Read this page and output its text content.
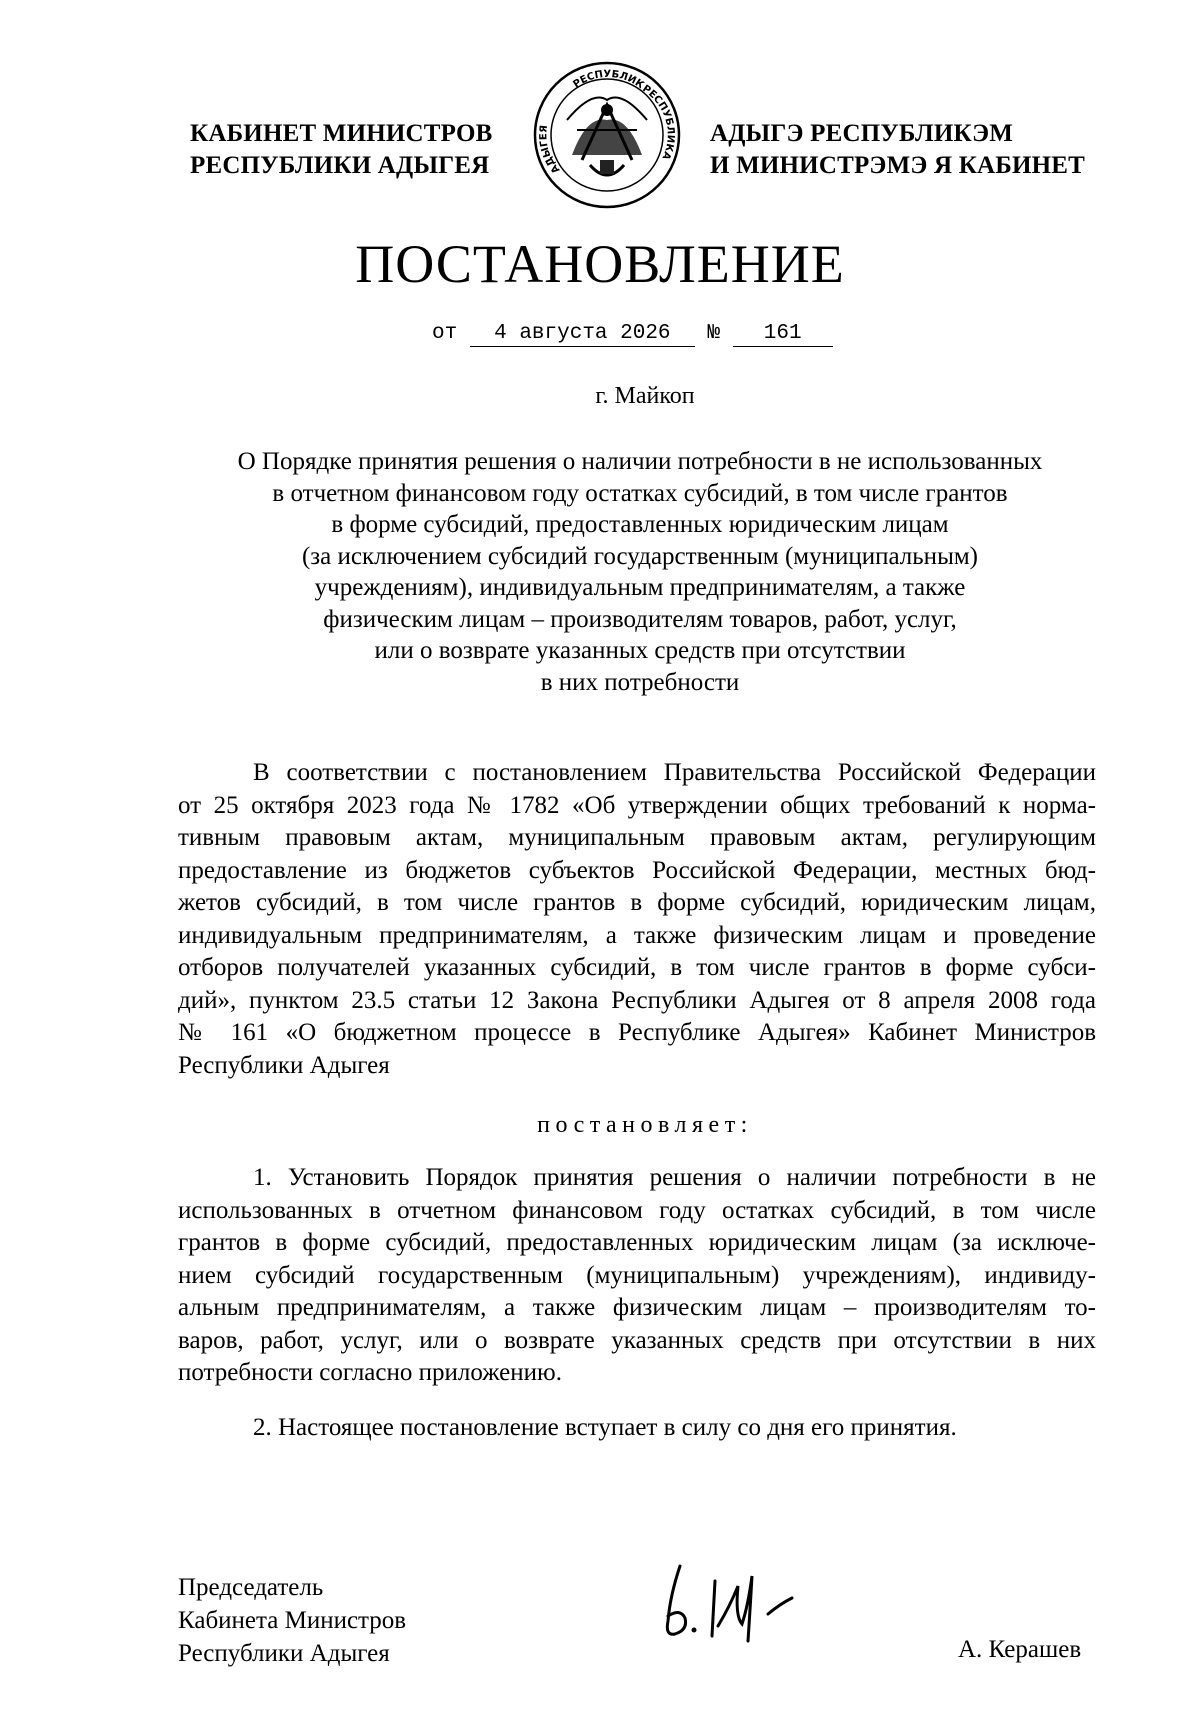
КАБИНЕТ МИНИСТРОВ
РЕСПУБЛИКИ АДЫГЕЯ	АДЫГЕЯ
РЕСПУБЛИК
РЕСПУБЛИКА
АДЫГЭ РЕСПУБЛИКЭМ
И МИНИСТРЭМЭ Я КАБИНЕТ
ПОСТАНОВЛЕНИЕ
от 4 августа 2026 № 161
г. Майкоп
О Порядке принятия решения о наличии потребности в не использованных
в отчетном финансовом году остатках субсидий, в том числе грантов
в форме субсидий, предоставленных юридическим лицам
(за исключением субсидий государственным (муниципальным)
учреждениям), индивидуальным предпринимателям, а также
физическим лицам – производителям товаров, работ, услуг,
или о возврате указанных средств при отсутствии
в них потребности
В соответствии с постановлением Правительства Российской Федерации
от 25 октября 2023 года № 1782 «Об утверждении общих требований к норма-
тивным правовым актам, муниципальным правовым актам, регулирующим
предоставление из бюджетов субъектов Российской Федерации, местных бюд-
жетов субсидий, в том числе грантов в форме субсидий, юридическим лицам,
индивидуальным предпринимателям, а также физическим лицам и проведение
отборов получателей указанных субсидий, в том числе грантов в форме субси-
дий», пунктом 23.5 статьи 12 Закона Республики Адыгея от 8 апреля 2008 года
№ 161 «О бюджетном процессе в Республике Адыгея» Кабинет Министров
Республики Адыгея
постановляет:
1. Установить Порядок принятия решения о наличии потребности в не
использованных в отчетном финансовом году остатках субсидий, в том числе
грантов в форме субсидий, предоставленных юридическим лицам (за исключе-
нием субсидий государственным (муниципальным) учреждениям), индивиду-
альным предпринимателям, а также физическим лицам – производителям то-
варов, работ, услуг, или о возврате указанных средств при отсутствии в них
потребности согласно приложению.
2. Настоящее постановление вступает в силу со дня его принятия.
Председатель
Кабинета Министров
Республики Адыгея	А. Керашев
